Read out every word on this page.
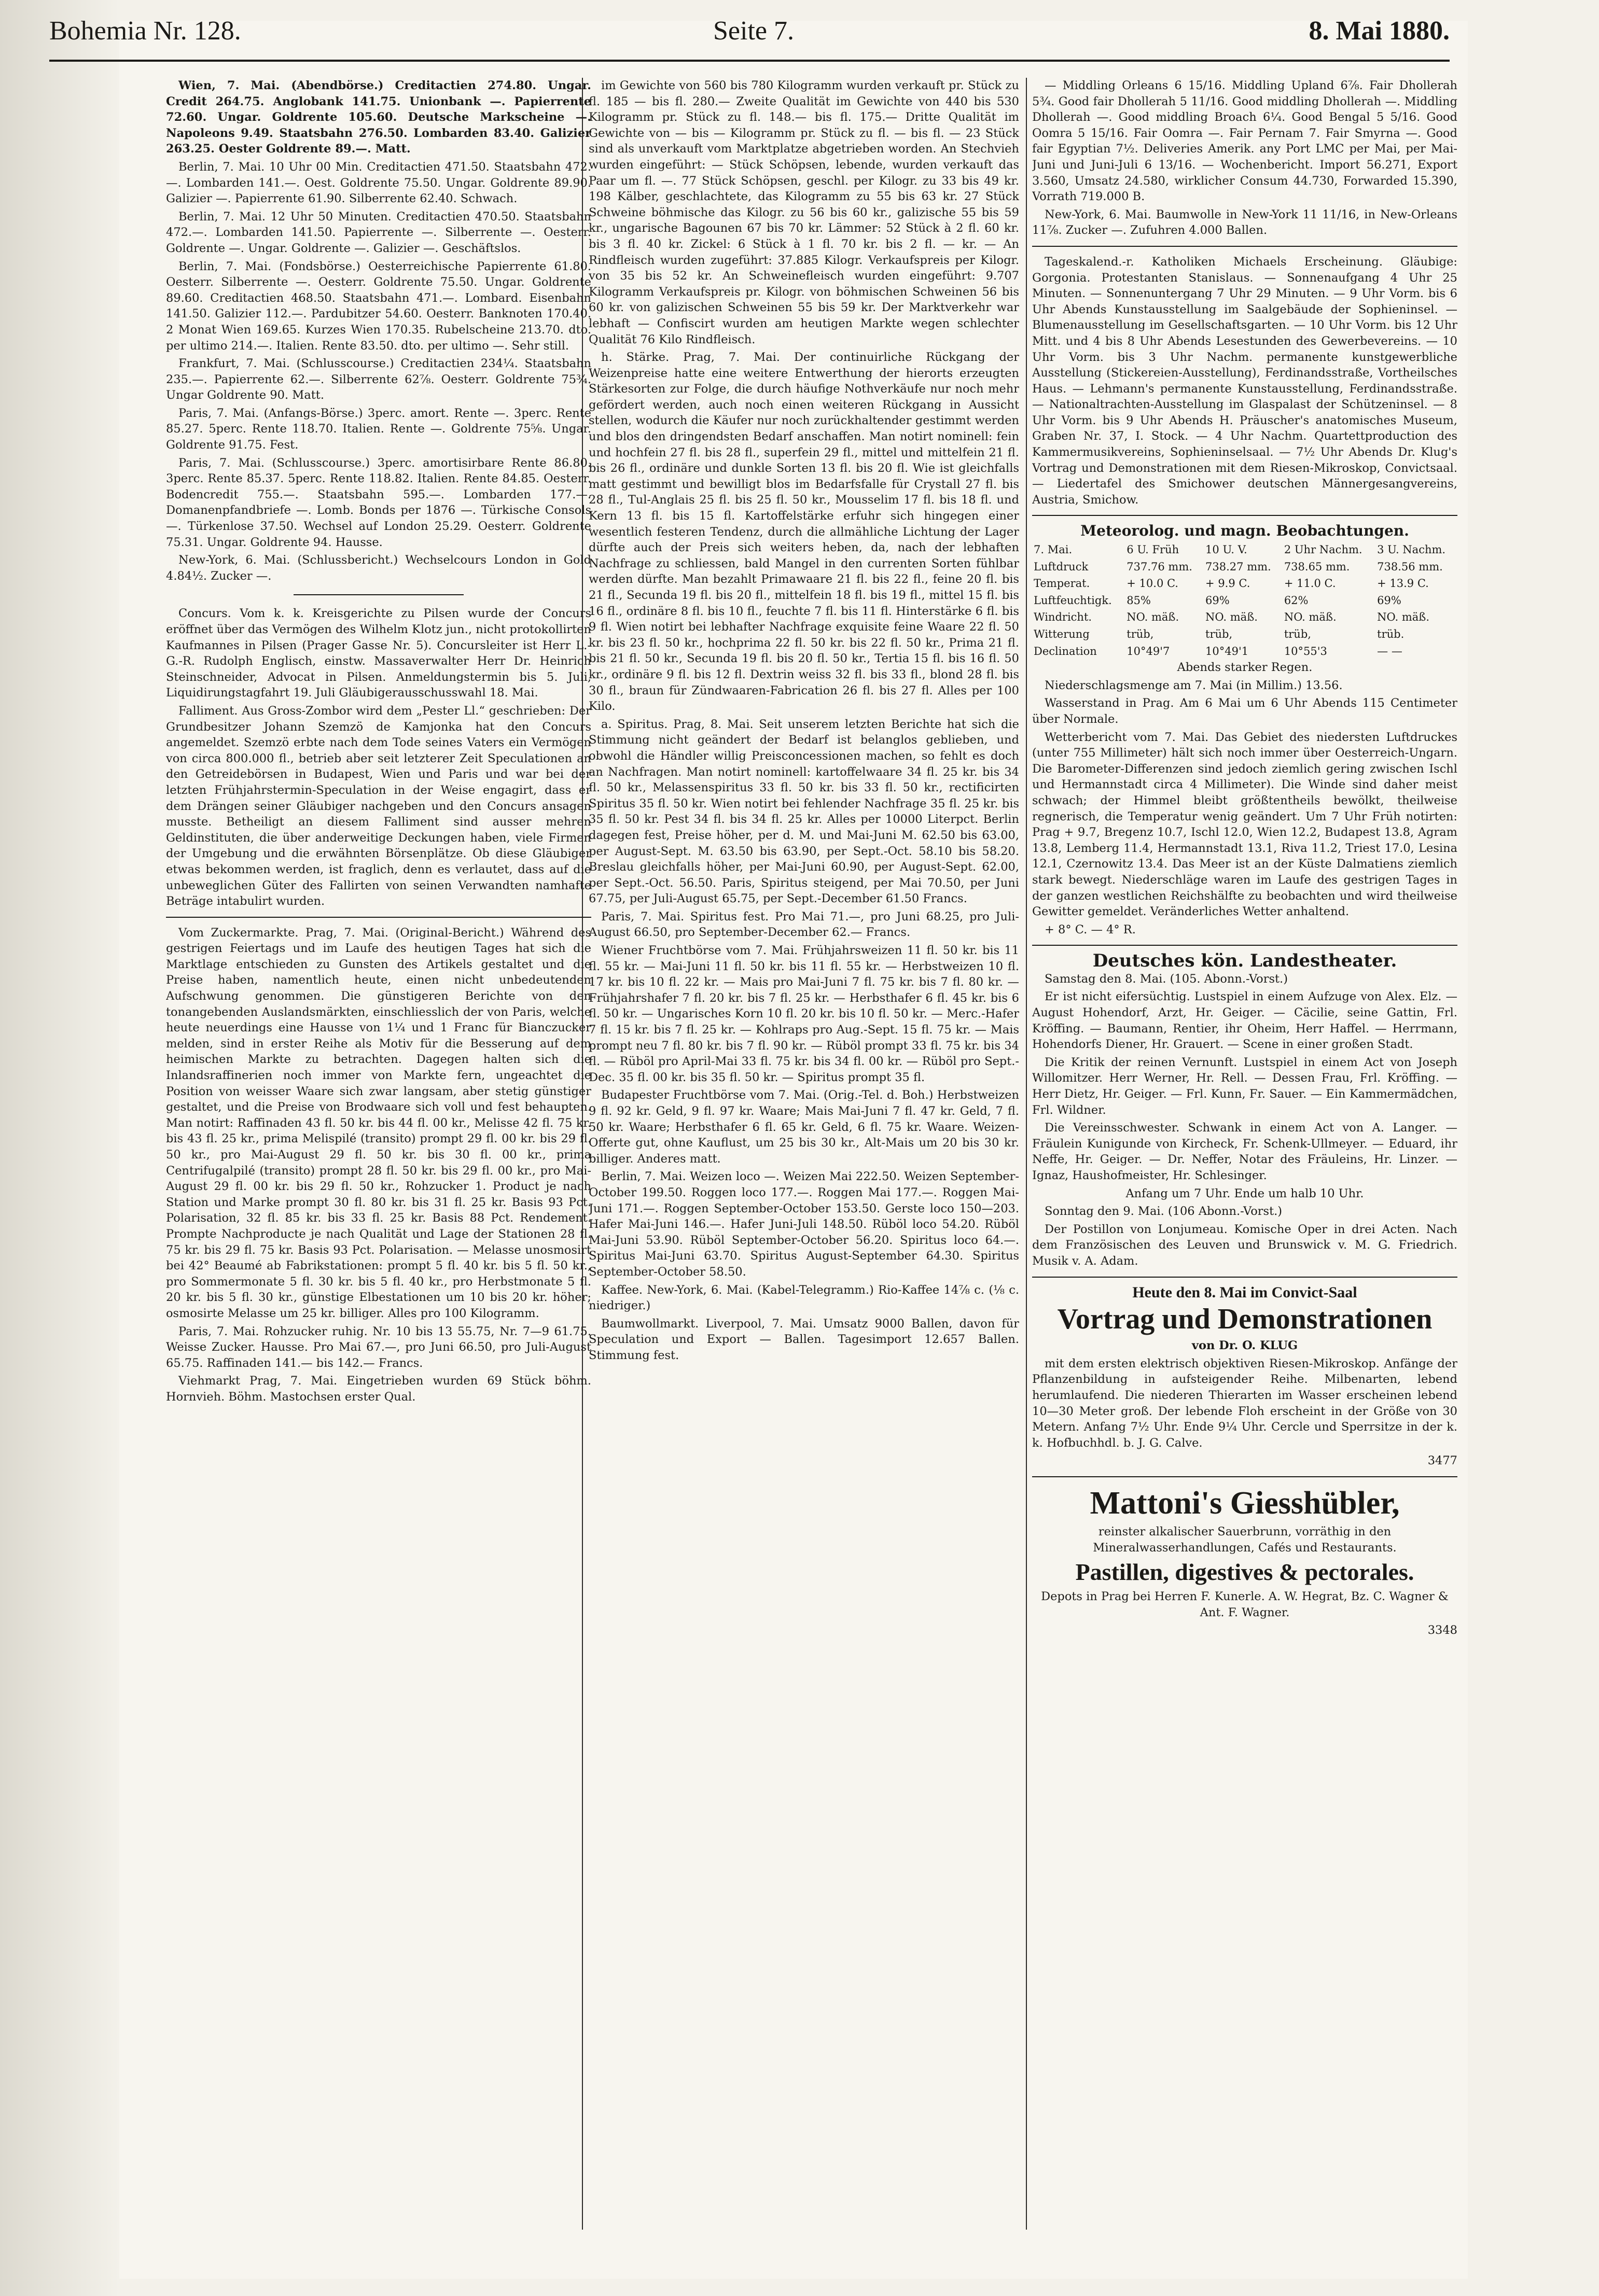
Bohemia Nr. 128.	Seite 7.	8. Mai 1880.

Wien, 7. Mai. (Abendbörse.) Creditactien 274.80. Ungar. Credit 264.75. Anglobank 141.75. Unionbank —. Papierrente 72.60. Ungar. Goldrente 105.60. Deutsche Markscheine —. Napoleons 9.49. Staatsbahn 276.50. Lombarden 83.40. Galizier 263.25. Oester Goldrente 89.—. Matt.

Berlin, 7. Mai. 10 Uhr 00 Min. Creditactien 471.50. Staatsbahn 472.—. Lombarden 141.—. Oest. Goldrente 75.50. Ungar. Goldrente 89.90. Galizier —. Papierrente 61.90. Silberrente 62.40. Schwach.

Berlin, 7. Mai. 12 Uhr 50 Minuten. Creditactien 470.50. Staatsbahn 472.—. Lombarden 141.50. Papierrente —. Silberrente —. Oesterr. Goldrente —. Ungar. Goldrente —. Galizier —. Geschäftslos.

Berlin, 7. Mai. (Fondsbörse.) Oesterreichische Papierrente 61.80. Oesterr. Silberrente —. Oesterr. Goldrente 75.50. Ungar. Goldrente 89.60. Creditactien 468.50. Staatsbahn 471.—. Lombard. Eisenbahn 141.50. Galizier 112.—. Pardubitzer 54.60. Oesterr. Banknoten 170.40. 2 Monat Wien 169.65. Kurzes Wien 170.35. Rubelscheine 213.70. dto. per ultimo 214.—. Italien. Rente 83.50. dto. per ultimo —. Sehr still.

Frankfurt, 7. Mai. (Schlusscourse.) Creditactien 234¼. Staatsbahn 235.—. Papierrente 62.—. Silberrente 62⅞. Oesterr. Goldrente 75¾. Ungar Goldrente 90. Matt.

Paris, 7. Mai. (Anfangs-Börse.) 3perc. amort. Rente —. 3perc. Rente 85.27. 5perc. Rente 118.70. Italien. Rente —. Goldrente 75⅝. Ungar. Goldrente 91.75. Fest.

Paris, 7. Mai. (Schlusscourse.) 3perc. amortisirbare Rente 86.80. 3perc. Rente 85.37. 5perc. Rente 118.82. Italien. Rente 84.85. Oesterr. Bodencredit 755.—. Staatsbahn 595.—. Lombarden 177.—. Domanenpfandbriefe —. Lomb. Bonds per 1876 —. Türkische Consols —. Türkenlose 37.50. Wechsel auf London 25.29. Oesterr. Goldrente 75.31. Ungar. Goldrente 94. Hausse.

New-York, 6. Mai. (Schlussbericht.) Wechselcours London in Gold 4.84½. Zucker —.

Concurs. Vom k. k. Kreisgerichte zu Pilsen wurde der Concurs eröffnet über das Vermögen des Wilhelm Klotz jun., nicht protokollirten Kaufmannes in Pilsen (Prager Gasse Nr. 5). Concursleiter ist Herr L.-G.-R. Rudolph Englisch, einstw. Massaverwalter Herr Dr. Heinrich Steinschneider, Advocat in Pilsen. Anmeldungstermin bis 5. Juli, Liquidirungstagfahrt 19. Juli Gläubigerausschusswahl 18. Mai.

Falliment. Aus Gross-Zombor wird dem „Pester Ll.“ geschrieben: Der Grundbesitzer Johann Szemzö de Kamjonka hat den Concurs angemeldet. Szemzö erbte nach dem Tode seines Vaters ein Vermögen von circa 800.000 fl., betrieb aber seit letzterer Zeit Speculationen an den Getreidebörsen in Budapest, Wien und Paris und war bei der letzten Frühjahrstermin-Speculation in der Weise engagirt, dass er dem Drängen seiner Gläubiger nachgeben und den Concurs ansagen musste. Betheiligt an diesem Falliment sind ausser mehren Geldinstituten, die über anderweitige Deckungen haben, viele Firmen der Umgebung und die erwähnten Börsenplätze. Ob diese Gläubiger etwas bekommen werden, ist fraglich, denn es verlautet, dass auf die unbeweglichen Güter des Fallirten von seinen Verwandten namhafte Beträge intabulirt wurden.

Vom Zuckermarkte. Prag, 7. Mai. (Original-Bericht.) Während des gestrigen Feiertags und im Laufe des heutigen Tages hat sich die Marktlage entschieden zu Gunsten des Artikels gestaltet und die Preise haben, namentlich heute, einen nicht unbedeutenden Aufschwung genommen. Die günstigeren Berichte von den tonangebenden Auslandsmärkten, einschliesslich der von Paris, welche heute neuerdings eine Hausse von 1¼ und 1 Franc für Bianczucker melden, sind in erster Reihe als Motiv für die Besserung auf dem heimischen Markte zu betrachten. Dagegen halten sich die Inlandsraffinerien noch immer von Markte fern, ungeachtet die Position von weisser Waare sich zwar langsam, aber stetig günstiger gestaltet, und die Preise von Brodwaare sich voll und fest behaupten. Man notirt: Raffinaden 43 fl. 50 kr. bis 44 fl. 00 kr., Melisse 42 fl. 75 kr. bis 43 fl. 25 kr., prima Melispilé (transito) prompt 29 fl. 00 kr. bis 29 fl. 50 kr., pro Mai-August 29 fl. 50 kr. bis 30 fl. 00 kr., prima Centrifugalpilé (transito) prompt 28 fl. 50 kr. bis 29 fl. 00 kr., pro Mai-August 29 fl. 00 kr. bis 29 fl. 50 kr., Rohzucker 1. Product je nach Station und Marke prompt 30 fl. 80 kr. bis 31 fl. 25 kr. Basis 93 Pct. Polarisation, 32 fl. 85 kr. bis 33 fl. 25 kr. Basis 88 Pct. Rendement. Prompte Nachproducte je nach Qualität und Lage der Stationen 28 fl. 75 kr. bis 29 fl. 75 kr. Basis 93 Pct. Polarisation. — Melasse unosmosirt bei 42° Beaumé ab Fabrikstationen: prompt 5 fl. 40 kr. bis 5 fl. 50 kr., pro Sommermonate 5 fl. 30 kr. bis 5 fl. 40 kr., pro Herbstmonate 5 fl. 20 kr. bis 5 fl. 30 kr., günstige Elbestationen um 10 bis 20 kr. höher; osmosirte Melasse um 25 kr. billiger. Alles pro 100 Kilogramm.

Paris, 7. Mai. Rohzucker ruhig. Nr. 10 bis 13 55.75, Nr. 7—9 61.75. Weisse Zucker. Hausse. Pro Mai 67.—, pro Juni 66.50, pro Juli-August 65.75. Raffinaden 141.— bis 142.— Francs.

Viehmarkt Prag, 7. Mai. Eingetrieben wurden 69 Stück böhm. Hornvieh. Böhm. Mastochsen erster Qual.

im Gewichte von 560 bis 780 Kilogramm wurden verkauft pr. Stück zu fl. 185 — bis fl. 280.— Zweite Qualität im Gewichte von 440 bis 530 Kilogramm pr. Stück zu fl. 148.— bis fl. 175.— Dritte Qualität im Gewichte von — bis — Kilogramm pr. Stück zu fl. — bis fl. — 23 Stück sind als unverkauft vom Marktplatze abgetrieben worden. An Stechvieh wurden eingeführt: — Stück Schöpsen, lebende, wurden verkauft das Paar um fl. —. 77 Stück Schöpsen, geschl. per Kilogr. zu 33 bis 49 kr. 198 Kälber, geschlachtete, das Kilogramm zu 55 bis 63 kr. 27 Stück Schweine böhmische das Kilogr. zu 56 bis 60 kr., galizische 55 bis 59 kr., ungarische Bagounen 67 bis 70 kr. Lämmer: 52 Stück à 2 fl. 60 kr. bis 3 fl. 40 kr. Zickel: 6 Stück à 1 fl. 70 kr. bis 2 fl. — kr. — An Rindfleisch wurden zugeführt: 37.885 Kilogr. Verkaufspreis per Kilogr. von 35 bis 52 kr. An Schweinefleisch wurden eingeführt: 9.707 Kilogramm Verkaufspreis pr. Kilogr. von böhmischen Schweinen 56 bis 60 kr. von galizischen Schweinen 55 bis 59 kr. Der Marktverkehr war lebhaft — Confiscirt wurden am heutigen Markte wegen schlechter Qualität 76 Kilo Rindfleisch.

h. Stärke. Prag, 7. Mai. Der continuirliche Rückgang der Weizenpreise hatte eine weitere Entwerthung der hierorts erzeugten Stärkesorten zur Folge, die durch häufige Nothverkäufe nur noch mehr gefördert werden, auch noch einen weiteren Rückgang in Aussicht stellen, wodurch die Käufer nur noch zurückhaltender gestimmt werden und blos den dringendsten Bedarf anschaffen. Man notirt nominell: fein und hochfein 27 fl. bis 28 fl., superfein 29 fl., mittel und mittelfein 21 fl. bis 26 fl., ordinäre und dunkle Sorten 13 fl. bis 20 fl. Wie ist gleichfalls matt gestimmt und bewilligt blos im Bedarfsfalle für Crystall 27 fl. bis 28 fl., Tul-Anglais 25 fl. bis 25 fl. 50 kr., Mousselim 17 fl. bis 18 fl. und Kern 13 fl. bis 15 fl. Kartoffelstärke erfuhr sich hingegen einer wesentlich festeren Tendenz, durch die allmähliche Lichtung der Lager dürfte auch der Preis sich weiters heben, da, nach der lebhaften Nachfrage zu schliessen, bald Mangel in den currenten Sorten fühlbar werden dürfte. Man bezahlt Primawaare 21 fl. bis 22 fl., feine 20 fl. bis 21 fl., Secunda 19 fl. bis 20 fl., mittelfein 18 fl. bis 19 fl., mittel 15 fl. bis 16 fl., ordinäre 8 fl. bis 10 fl., feuchte 7 fl. bis 11 fl. Hinterstärke 6 fl. bis 9 fl. Wien notirt bei lebhafter Nachfrage exquisite feine Waare 22 fl. 50 kr. bis 23 fl. 50 kr., hochprima 22 fl. 50 kr. bis 22 fl. 50 kr., Prima 21 fl. bis 21 fl. 50 kr., Secunda 19 fl. bis 20 fl. 50 kr., Tertia 15 fl. bis 16 fl. 50 kr., ordinäre 9 fl. bis 12 fl. Dextrin weiss 32 fl. bis 33 fl., blond 28 fl. bis 30 fl., braun für Zündwaaren-Fabrication 26 fl. bis 27 fl. Alles per 100 Kilo.

a. Spiritus. Prag, 8. Mai. Seit unserem letzten Berichte hat sich die Stimmung nicht geändert der Bedarf ist belanglos geblieben, und obwohl die Händler willig Preisconcessionen machen, so fehlt es doch an Nachfragen. Man notirt nominell: kartoffelwaare 34 fl. 25 kr. bis 34 fl. 50 kr., Melassenspiritus 33 fl. 50 kr. bis 33 fl. 50 kr., rectificirten Spiritus 35 fl. 50 kr. Wien notirt bei fehlender Nachfrage 35 fl. 25 kr. bis 35 fl. 50 kr. Pest 34 fl. bis 34 fl. 25 kr. Alles per 10000 Literpct. Berlin dagegen fest, Preise höher, per d. M. und Mai-Juni M. 62.50 bis 63.00, per August-Sept. M. 63.50 bis 63.90, per Sept.-Oct. 58.10 bis 58.20. Breslau gleichfalls höher, per Mai-Juni 60.90, per August-Sept. 62.00, per Sept.-Oct. 56.50. Paris, Spiritus steigend, per Mai 70.50, per Juni 67.75, per Juli-August 65.75, per Sept.-December 61.50 Francs.

Paris, 7. Mai. Spiritus fest. Pro Mai 71.—, pro Juni 68.25, pro Juli-August 66.50, pro September-December 62.— Francs.

Wiener Fruchtbörse vom 7. Mai. Frühjahrsweizen 11 fl. 50 kr. bis 11 fl. 55 kr. — Mai-Juni 11 fl. 50 kr. bis 11 fl. 55 kr. — Herbstweizen 10 fl. 17 kr. bis 10 fl. 22 kr. — Mais pro Mai-Juni 7 fl. 75 kr. bis 7 fl. 80 kr. — Frühjahrshafer 7 fl. 20 kr. bis 7 fl. 25 kr. — Herbsthafer 6 fl. 45 kr. bis 6 fl. 50 kr. — Ungarisches Korn 10 fl. 20 kr. bis 10 fl. 50 kr. — Merc.-Hafer 7 fl. 15 kr. bis 7 fl. 25 kr. — Kohlraps pro Aug.-Sept. 15 fl. 75 kr. — Mais prompt neu 7 fl. 80 kr. bis 7 fl. 90 kr. — Rüböl prompt 33 fl. 75 kr. bis 34 fl. — Rüböl pro April-Mai 33 fl. 75 kr. bis 34 fl. 00 kr. — Rüböl pro Sept.-Dec. 35 fl. 00 kr. bis 35 fl. 50 kr. — Spiritus prompt 35 fl.

Budapester Fruchtbörse vom 7. Mai. (Orig.-Tel. d. Boh.) Herbstweizen 9 fl. 92 kr. Geld, 9 fl. 97 kr. Waare; Mais Mai-Juni 7 fl. 47 kr. Geld, 7 fl. 50 kr. Waare; Herbsthafer 6 fl. 65 kr. Geld, 6 fl. 75 kr. Waare. Weizen-Offerte gut, ohne Kauflust, um 25 bis 30 kr., Alt-Mais um 20 bis 30 kr. billiger. Anderes matt.

Berlin, 7. Mai. Weizen loco —. Weizen Mai 222.50. Weizen September-October 199.50. Roggen loco 177.—. Roggen Mai 177.—. Roggen Mai-Juni 171.—. Roggen September-October 153.50. Gerste loco 150—203. Hafer Mai-Juni 146.—. Hafer Juni-Juli 148.50. Rüböl loco 54.20. Rüböl Mai-Juni 53.90. Rüböl September-October 56.20. Spiritus loco 64.—. Spiritus Mai-Juni 63.70. Spiritus August-September 64.30. Spiritus September-October 58.50.

Kaffee. New-York, 6. Mai. (Kabel-Telegramm.) Rio-Kaffee 14⅞ c. (⅛ c. niedriger.)

Baumwollmarkt. Liverpool, 7. Mai. Umsatz 9000 Ballen, davon für Speculation und Export — Ballen. Tagesimport 12.657 Ballen. Stimmung fest.

— Middling Orleans 6 15/16. Middling Upland 6⅞. Fair Dhollerah 5¾. Good fair Dhollerah 5 11/16. Good middling Dhollerah —. Middling Dhollerah —. Good middling Broach 6¼. Good Bengal 5 5/16. Good Oomra 5 15/16. Fair Oomra —. Fair Pernam 7. Fair Smyrna —. Good fair Egyptian 7½. Deliveries Amerik. any Port LMC per Mai, per Mai-Juni und Juni-Juli 6 13/16. — Wochenbericht. Import 56.271, Export 3.560, Umsatz 24.580, wirklicher Consum 44.730, Forwarded 15.390, Vorrath 719.000 B.

New-York, 6. Mai. Baumwolle in New-York 11 11/16, in New-Orleans 11⅞. Zucker —. Zufuhren 4.000 Ballen.

Tageskalend.-r. Katholiken Michaels Erscheinung. Gläubige: Gorgonia. Protestanten Stanislaus. — Sonnenaufgang 4 Uhr 25 Minuten. — Sonnenuntergang 7 Uhr 29 Minuten. — 9 Uhr Vorm. bis 6 Uhr Abends Kunstausstellung im Saalgebäude der Sophieninsel. — Blumenausstellung im Gesellschaftsgarten. — 10 Uhr Vorm. bis 12 Uhr Mitt. und 4 bis 8 Uhr Abends Lesestunden des Gewerbevereins. — 10 Uhr Vorm. bis 3 Uhr Nachm. permanente kunstgewerbliche Ausstellung (Stickereien-Ausstellung), Ferdinandsstraße, Vortheilsches Haus. — Lehmann's permanente Kunstausstellung, Ferdinandsstraße. — Nationaltrachten-Ausstellung im Glaspalast der Schützeninsel. — 8 Uhr Vorm. bis 9 Uhr Abends H. Präuscher's anatomisches Museum, Graben Nr. 37, I. Stock. — 4 Uhr Nachm. Quartettproduction des Kammermusikvereins, Sophieninselsaal. — 7½ Uhr Abends Dr. Klug's Vortrag und Demonstrationen mit dem Riesen-Mikroskop, Convictsaal. — Liedertafel des Smichower deutschen Männergesangvereins, Austria, Smichow.

Meteorolog. und magn. Beobachtungen.

7. Mai.	6 U. Früh	10 U. V.	2 Uhr Nachm.	3 U. Nachm.
Luftdruck	737.76 mm.	738.27 mm.	738.65 mm.	738.56 mm.
Temperat.	+ 10.0 C.	+ 9.9 C.	+ 11.0 C.	+ 13.9 C.
Luftfeuchtigk.	85%	69%	62%	69%
Windricht.	NO. mäß.	NO. mäß.	NO. mäß.	NO. mäß.
Witterung	trüb,	trüb,	trüb,	trüb.
Declination	10°49'7	10°49'1	10°55'3	— —

Abends starker Regen.

Niederschlagsmenge am 7. Mai (in Millim.) 13.56.

Wasserstand in Prag. Am 6 Mai um 6 Uhr Abends 115 Centimeter über Normale.

Wetterbericht vom 7. Mai. Das Gebiet des niedersten Luftdruckes (unter 755 Millimeter) hält sich noch immer über Oesterreich-Ungarn. Die Barometer-Differenzen sind jedoch ziemlich gering zwischen Ischl und Hermannstadt circa 4 Millimeter). Die Winde sind daher meist schwach; der Himmel bleibt größtentheils bewölkt, theilweise regnerisch, die Temperatur wenig geändert. Um 7 Uhr Früh notirten: Prag + 9.7, Bregenz 10.7, Ischl 12.0, Wien 12.2, Budapest 13.8, Agram 13.8, Lemberg 11.4, Hermannstadt 13.1, Riva 11.2, Triest 17.0, Lesina 12.1, Czernowitz 13.4. Das Meer ist an der Küste Dalmatiens ziemlich stark bewegt. Niederschläge waren im Laufe des gestrigen Tages in der ganzen westlichen Reichshälfte zu beobachten und wird theilweise Gewitter gemeldet. Veränderliches Wetter anhaltend.

+ 8° C. — 4° R.

Deutsches kön. Landestheater.

Samstag den 8. Mai. (105. Abonn.-Vorst.)

Er ist nicht eifersüchtig. Lustspiel in einem Aufzuge von Alex. Elz. — August Hohendorf, Arzt, Hr. Geiger. — Cäcilie, seine Gattin, Frl. Kröffing. — Baumann, Rentier, ihr Oheim, Herr Haffel. — Herrmann, Hohendorfs Diener, Hr. Grauert. — Scene in einer großen Stadt.

Die Kritik der reinen Vernunft. Lustspiel in einem Act von Joseph Willomitzer. Herr Werner, Hr. Rell. — Dessen Frau, Frl. Kröffing. — Herr Dietz, Hr. Geiger. — Frl. Kunn, Fr. Sauer. — Ein Kammermädchen, Frl. Wildner.

Die Vereinsschwester. Schwank in einem Act von A. Langer. — Fräulein Kunigunde von Kircheck, Fr. Schenk-Ullmeyer. — Eduard, ihr Neffe, Hr. Geiger. — Dr. Neffer, Notar des Fräuleins, Hr. Linzer. — Ignaz, Haushofmeister, Hr. Schlesinger.

Anfang um 7 Uhr. Ende um halb 10 Uhr.

Sonntag den 9. Mai. (106 Abonn.-Vorst.)

Der Postillon von Lonjumeau. Komische Oper in drei Acten. Nach dem Französischen des Leuven und Brunswick v. M. G. Friedrich. Musik v. A. Adam.

Heute den 8. Mai im Convict-Saal

Vortrag und Demonstrationen

von Dr. O. KLUG

mit dem ersten elektrisch objektiven Riesen-Mikroskop. Anfänge der Pflanzenbildung in aufsteigender Reihe. Milbenarten, lebend herumlaufend. Die niederen Thierarten im Wasser erscheinen lebend 10—30 Meter groß. Der lebende Floh erscheint in der Größe von 30 Metern. Anfang 7½ Uhr. Ende 9¼ Uhr. Cercle und Sperrsitze in der k. k. Hofbuchhdl. b. J. G. Calve.

3477

Mattoni's Giesshübler,

reinster alkalischer Sauerbrunn, vorräthig in den Mineralwasserhandlungen, Cafés und Restaurants.

Pastillen, digestives & pectorales.

Depots in Prag bei Herren F. Kunerle. A. W. Hegrat, Bz. C. Wagner & Ant. F. Wagner.

3348
